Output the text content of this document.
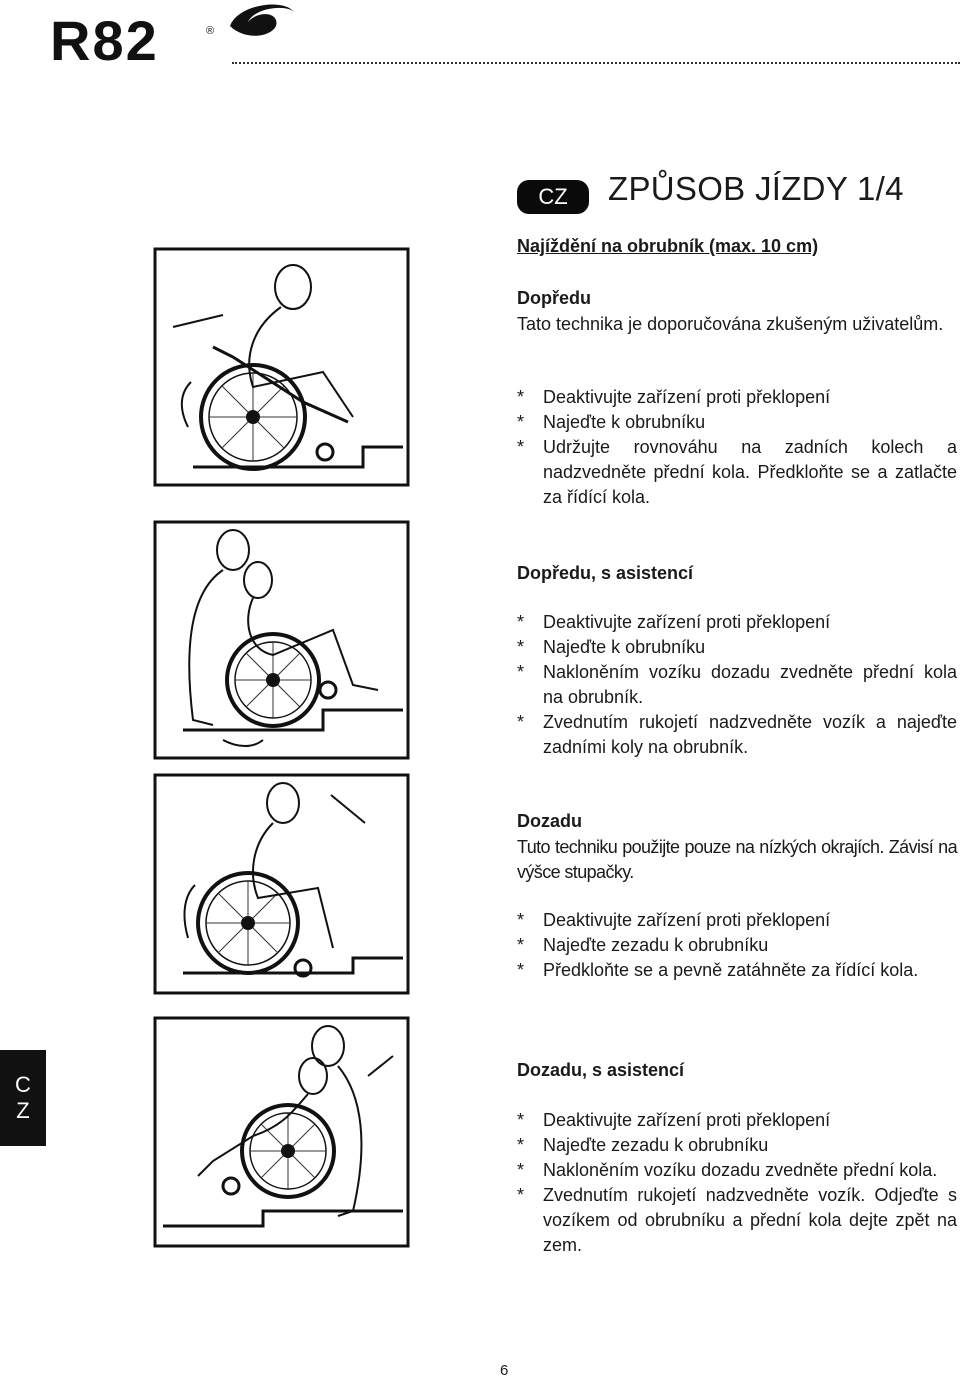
R82	®
CZ	ZPŮSOB JÍZDY 1/4
Najíždění na obrubník (max. 10 cm)
Dopředu
Tato technika je doporučována zkušeným uživatelům.
* Deaktivujte zařízení proti překlopení
* Najeďte k obrubníku
* Udržujte rovnováhu na zadních kolech a nadzvedněte přední kola. Předkloňte se a zatlačte za řídící kola.
Dopředu, s asistencí
* Deaktivujte zařízení proti překlopení
* Najeďte k obrubníku
* Nakloněním vozíku dozadu zvedněte přední kola na obrubník.
* Zvednutím rukojetí nadzvedněte vozík a najeďte zadními koly na obrubník.
Dozadu
Tuto techniku použijte pouze na nízkých okrajích. Závisí na výšce stupačky.
* Deaktivujte zařízení proti překlopení
* Najeďte zezadu k obrubníku
* Předkloňte se a pevně zatáhněte za řídící kola.
Dozadu, s asistencí
* Deaktivujte zařízení proti překlopení
* Najeďte zezadu k obrubníku
* Nakloněním vozíku dozadu zvedněte přední kola.
* Zvednutím rukojetí nadzvedněte vozík. Odjeďte s vozíkem od obrubníku a přední kola dejte zpět na zem.
C
Z
6
